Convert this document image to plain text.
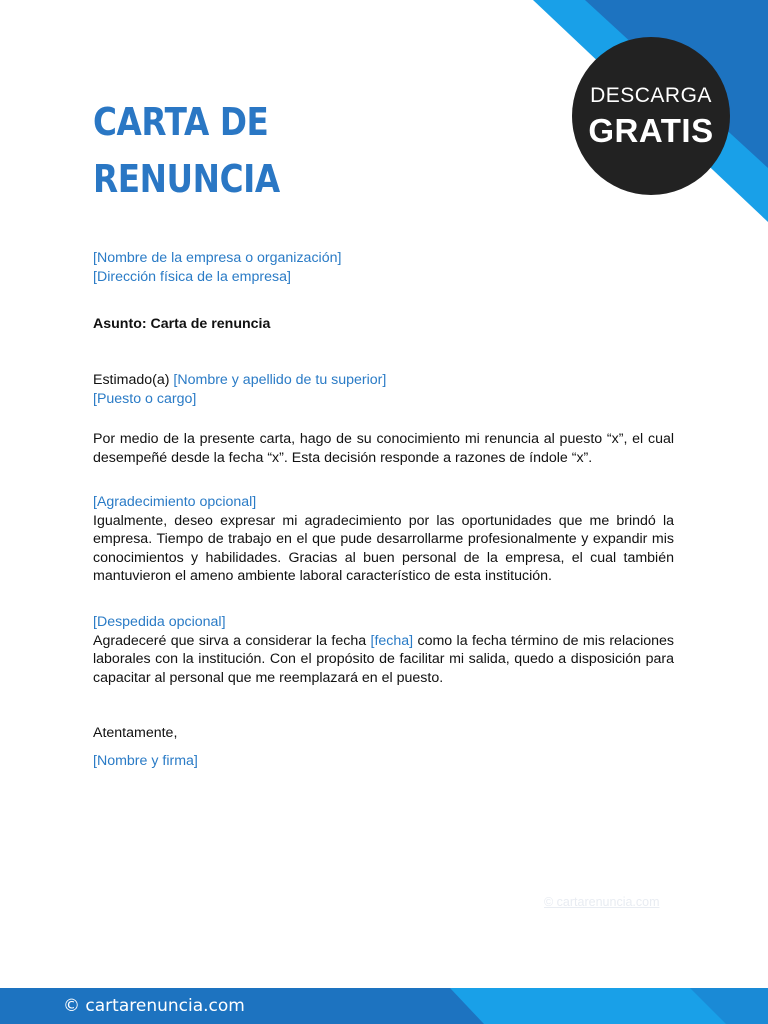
DESCARGA
GRATIS
CARTA DE
RENUNCIA
[Nombre de la empresa o organización]
[Dirección física de la empresa]
Asunto: Carta de renuncia
Estimado(a) [Nombre y apellido de tu superior]
[Puesto o cargo]

Por medio de la presente carta, hago de su conocimiento mi renuncia al puesto “x”, el cual desempeñé desde la fecha “x”. Esta decisión responde a razones de índole “x”.

[Agradecimiento opcional]
Igualmente, deseo expresar mi agradecimiento por las oportunidades que me brindó la empresa. Tiempo de trabajo en el que pude desarrollarme profesionalmente y expandir mis conocimientos y habilidades. Gracias al buen personal de la empresa, el cual también mantuvieron el ameno ambiente laboral característico de esta institución.
[Despedida opcional]
Agradeceré que sirva a considerar la fecha [fecha] como la fecha término de mis relaciones laborales con la institución. Con el propósito de facilitar mi salida, quedo a disposición para capacitar al personal que me reemplazará en el puesto.
Atentamente,
[Nombre y firma]
© cartarenuncia.com
© cartarenuncia.com
